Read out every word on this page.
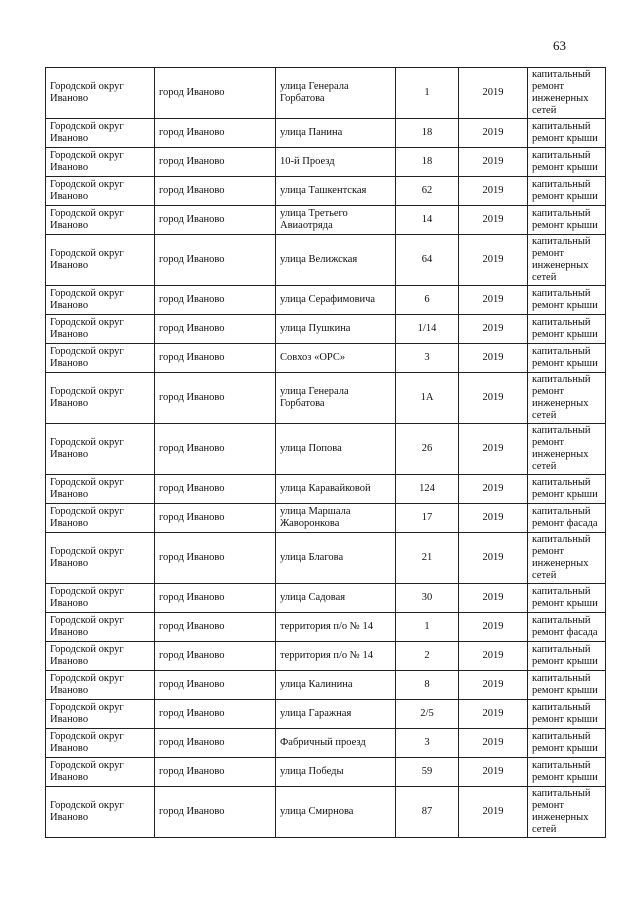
63
Городской округ Иваново	город Иваново	улица Генерала Горбатова	1	2019	капитальный ремонт инженерных сетей
Городской округ Иваново	город Иваново	улица Панина	18	2019	капитальный ремонт крыши
Городской округ Иваново	город Иваново	10-й Проезд	18	2019	капитальный ремонт крыши
Городской округ Иваново	город Иваново	улица Ташкентская	62	2019	капитальный ремонт крыши
Городской округ Иваново	город Иваново	улица Третьего Авиаотряда	14	2019	капитальный ремонт крыши
Городской округ Иваново	город Иваново	улица Велижская	64	2019	капитальный ремонт инженерных сетей
Городской округ Иваново	город Иваново	улица Серафимовича	6	2019	капитальный ремонт крыши
Городской округ Иваново	город Иваново	улица Пушкина	1/14	2019	капитальный ремонт крыши
Городской округ Иваново	город Иваново	Совхоз «ОРС»	3	2019	капитальный ремонт крыши
Городской округ Иваново	город Иваново	улица Генерала Горбатова	1А	2019	капитальный ремонт инженерных сетей
Городской округ Иваново	город Иваново	улица Попова	26	2019	капитальный ремонт инженерных сетей
Городской округ Иваново	город Иваново	улица Каравайковой	124	2019	капитальный ремонт крыши
Городской округ Иваново	город Иваново	улица Маршала Жаворонкова	17	2019	капитальный ремонт фасада
Городской округ Иваново	город Иваново	улица Благова	21	2019	капитальный ремонт инженерных сетей
Городской округ Иваново	город Иваново	улица Садовая	30	2019	капитальный ремонт крыши
Городской округ Иваново	город Иваново	территория п/о № 14	1	2019	капитальный ремонт фасада
Городской округ Иваново	город Иваново	территория п/о № 14	2	2019	капитальный ремонт крыши
Городской округ Иваново	город Иваново	улица Калинина	8	2019	капитальный ремонт крыши
Городской округ Иваново	город Иваново	улица Гаражная	2/5	2019	капитальный ремонт крыши
Городской округ Иваново	город Иваново	Фабричный проезд	3	2019	капитальный ремонт крыши
Городской округ Иваново	город Иваново	улица Победы	59	2019	капитальный ремонт крыши
Городской округ Иваново	город Иваново	улица Смирнова	87	2019	капитальный ремонт инженерных сетей
